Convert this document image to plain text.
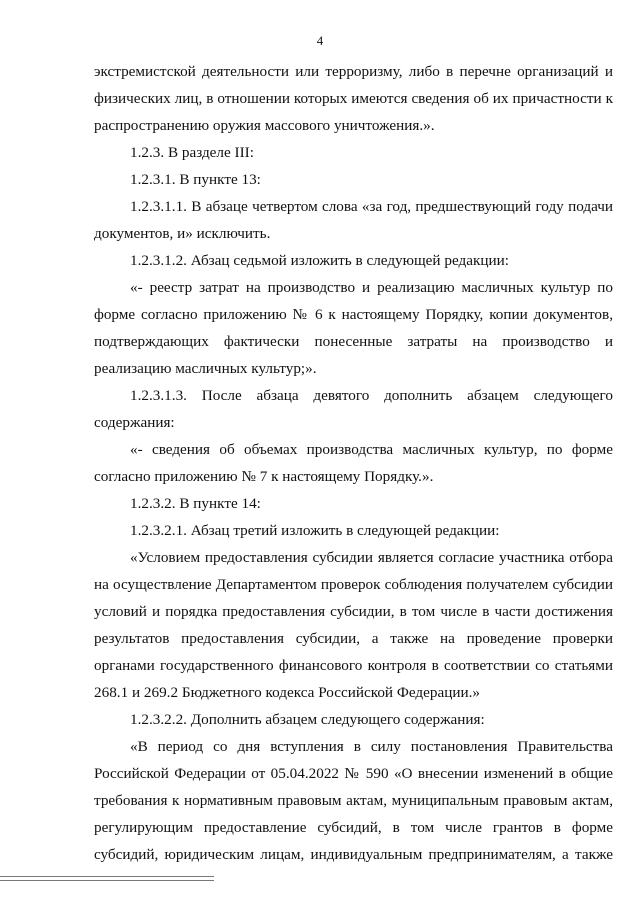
4

экстремистской деятельности или терроризму, либо в перечне организаций и физических лиц, в отношении которых имеются сведения об их причастности к распространению оружия массового уничтожения.».

1.2.3. В разделе III:

1.2.3.1. В пункте 13:

1.2.3.1.1. В абзаце четвертом слова «за год, предшествующий году подачи документов, и» исключить.

1.2.3.1.2. Абзац седьмой изложить в следующей редакции:

«- реестр затрат на производство и реализацию масличных культур по форме согласно приложению № 6 к настоящему Порядку, копии документов, подтверждающих фактически понесенные затраты на производство и реализацию масличных культур;».

1.2.3.1.3. После абзаца девятого дополнить абзацем следующего содержания:

«- сведения об объемах производства масличных культур, по форме согласно приложению № 7 к настоящему Порядку.».

1.2.3.2. В пункте 14:

1.2.3.2.1. Абзац третий изложить в следующей редакции:

«Условием предоставления субсидии является согласие участника отбора на осуществление Департаментом проверок соблюдения получателем субсидии условий и порядка предоставления субсидии, в том числе в части достижения результатов предоставления субсидии, а также на проведение проверки органами государственного финансового контроля в соответствии со статьями 268.1 и 269.2 Бюджетного кодекса Российской Федерации.»

1.2.3.2.2. Дополнить абзацем следующего содержания:

«В период со дня вступления в силу постановления Правительства Российской Федерации от 05.04.2022 № 590 «О внесении изменений в общие требования к нормативным правовым актам, муниципальным правовым актам, регулирующим предоставление субсидий, в том числе грантов в форме субсидий, юридическим лицам, индивидуальным предпринимателям, а также
